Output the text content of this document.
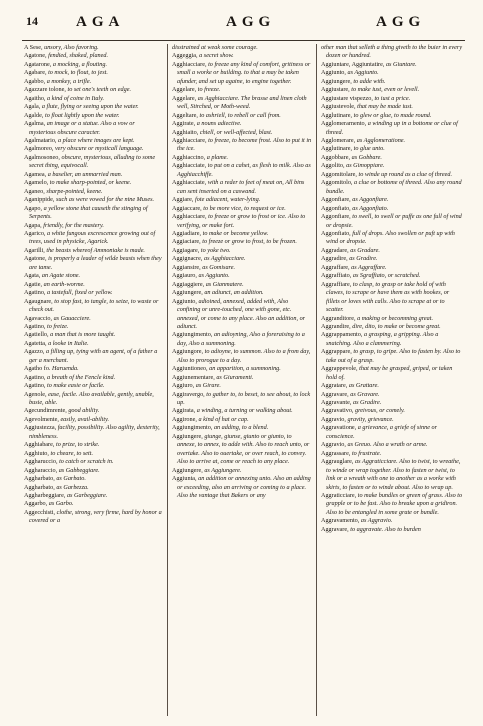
14	AGA	AGG	AGG

A Sese, unsory, Also favoring.

Agatone, fendied, shaked, planed.

Agatarone, a mocking, a flouting.

Agabare, to mock, to flout, to jest.

Agabbo, a monkey, a trifle.

Agazzare tolone, to set one's teeth on edge.

Agaitho, a kind of coine in Italy.

Agala, a flute, flying or seeing upon the water.

Agalde, to float lightly upon the water.

Agalma, an image or a statue. Also a vow or mysterious obscure caracter.

Agalmatario, a place where images are kept.

Agalmoreo, very obscure or mysticall language.

Agalmosoneo, obscure, mysterious, alluding to some secret thing, equivocall.

Agamea, a baselier, an unmarried man.

Agamelo, to make sharp-pointed, or keene.

Aganeo, sharpe-pointed, keene.

Aganippide, such as were vowed for the nine Muses.

Agapo, a yellow stone that causeth the stinging of Serpents.

Agapa, friendly, for the mastery.

Agarico, a white fungous excrescence growing out of trees, used in physicke, Agarick.

Agarilli, the beasts whereof Ammoniake is made.

Agatone, is properly a leader of wilde beasts when they are tame.

Agata, an Agate stone.

Agatie, an earth-worme.

Agatino, a tastefull, fixed or yellow.

Agaugnare, to stop fast, to tangle, to seize, to waste or check out.

Agavaccio, as Gauacciere.

Agatino, to freize.

Agatiello, a man that is more taught.

Agatetta, a looke in Italie.

Agazzo, a filling up, tying with an agent, of a father a ger a merchant.

Agatho fo. Haruenda.

Agatino, a breath of the Fencle kind.

Agatino, to make easie or facile.

Agenole, ease, facile. Also available, gently, unable, busie, able.

Agecundimrente, good ability.

Agevolmente, easily, avail-ability.

Aggiustezza, facility, possibility. Also agility, dexterity, nimbleness.

Agghiabare, to prize, to strike.

Agghiuto, to cheare, to sett.

Aggharuccio, to catch or scratch in.

Aggharaccio, as Gabbeggiare.

Aggharbato, as Garbato.

Aggharbato, as Garbezza.

Aggharbeggiare, as Garbeggiare.

Aggarbo, as Garbo.

Aggecchisti, clothe, strong, very firme, hard by honor a covered or a

disstrained at weak some courage.

Aggeggia, a secret show.

Agghiacciare, to freeze any kind of comfort, gritiness or small a worke or building. to that a may be taken afunder, and set up againe, to engine together.

Aggelare, to freeze.

Aggelare, as Agghiacciare. The brasse and linen cloth well, Stirched, or Moth-weed.

Aggeltare, to ashriell, to rebell or call from.

Aggirate, a nouns adiective.

Agghiaito, chiell, or well-affected, blast.

Agghiacciare, to freeze, to become frost. Also to put it in the ice.

Agghiaccino, a plame.

Agghiacciate, to put on a cahet, as flesh to milk. Also as Agghiacchiffe.

Agghiacciate, with a reder to feet of meat on, All bins can sent inserted on a caswand.

Aggiare, fote adiacent, water-lying.

Aggiaccare, to be more vice, to request or ice.

Agghiacciare, to freeze or grow to frost or ice. Also to verifying, or make fort.

Aggiadiare, to make or become yellow.

Aggiaciare, to freeze or grow to frost, to be frozen.

Aggiagare, to yoke two.

Aggignacre, as Agghiacciare.

Aggiansire, as Gomisare.

Aggiauro, as Aggiunto.

Aggiaggiere, as Gianmatere.

Aggiungere, an adiunct, an addition.

Aggiunto, adioined, annexed, added with, Also confining or unre-touched, one with gone, etc. annexed, or come to any place. Also an addition, or adiunct.

Aggiungimento, an adioyning, Also a foreraising to a day, Also a summoning.

Aggiungore, to adioyne, to summon. Also to a from day, Also to prorogue to a day.

Aggiuntioneo, an apparition, a summoning.

Aggiunementare, as Giuramenti.

Aggiuro, as Girare.

Aggiravergo, to gather to, to beset, to see about, to lock up.

Aggirata, a winding, a turning or walking about.

Aggirone, a kind of hat or cap.

Aggiungimento, an adding, to a blend.

Aggiungere, giunge, giunse, giunto or giunto, to annexe, to annex, to adde with. Also to reach unto, or overtake. Also to ouertake, or over reach, to convey. Also to arrive at, come or reach to any place.

Aggiungere, as Aggiungere.

Aggiunta, an addition or annexing unto. Also an adding or exceeding, also an arriving or coming to a place. Also the vantage that Bakers or any

other man that selleth a thing giveth to the buier in every dozen or hundred.

Aggiuntare, Aggiuntatire, as Giuntare.

Aggiunto, as Aggiunto.

Aggiungere, to adde with.

Aggiustare, to make iust, even or levell.

Aggiustare vispezzo, to iust a price.

Aggiustevole, that may be made iust.

Agglutinare, to glew or glue, to made round.

Agglomerarnento, a winding up in a bottome or clue of threed.

Agglomerare, as Agglomeratione.

Agglutinare, to glue unto.

Aggobbare, as Gobbare.

Aggolito, as Gimoppiare.

Aggomitolare, to winde up round as a clue of threed.

Aggomitolo, a clue or bottome of threed. Also any round bundle.

Aggonfiare, as Aggonfiare.

Aggonfiato, as Aggonfiato.

Aggonfiare, to swell, to swell or puffe as one full of wind or dropsie.

Aggonfiato, full of drops. Also swollen or puft up with wind or dropsie.

Aggradare, as Gradare.

Aggradire, as Gradire.

Aggraffare, as Aggraffare.

Aggraffiato, as Sgraffiato, or scratched.

Aggraffiare, to clasp, to grasp or take hold of with clawes, to scrape or have them as with hookes, or fillets or loves with calls. Also to scrape at or to scatter.

Aggranditore, a making or becomming great.

Aggrandire, dire, dito, to make or become great.

Aggrappamento, a grasping, a gripping. Also a snatching. Also a clammering.

Aggrappare, to grasp, to gripe. Also to fasten by. Also to take out of a grasp.

Aggrappevole, that may be grasped, griped, or taken hold of.

Aggratare, as Grattare.

Aggravare, as Gravare.

Aggravante, as Gradire.

Aggravativo, greivous, or comely.

Aggravio, gravity, grievance.

Aggravatione, a grievance, a griefe of sinne or conscience.

Aggravio, as Greuo. Also a wrath or arme.

Aggrassare, to frustrate.

Aggrauglare, as Aggraticciare. Also to twist, to wreathe, to winde or wrap together. Also to fasten or twist, to link or a wreath with one to another as a worke with skirts, to fasten or to winde about. Also to wrap up.

Aggraticciare, to make bundles or green of grass. Also to grapple or to be fast. Also to breake upon a gridiron. Also to be entangled in some grate or bundle.

Aggravamento, as Aggravio.

Aggravare, to aggravate. Also to burden
